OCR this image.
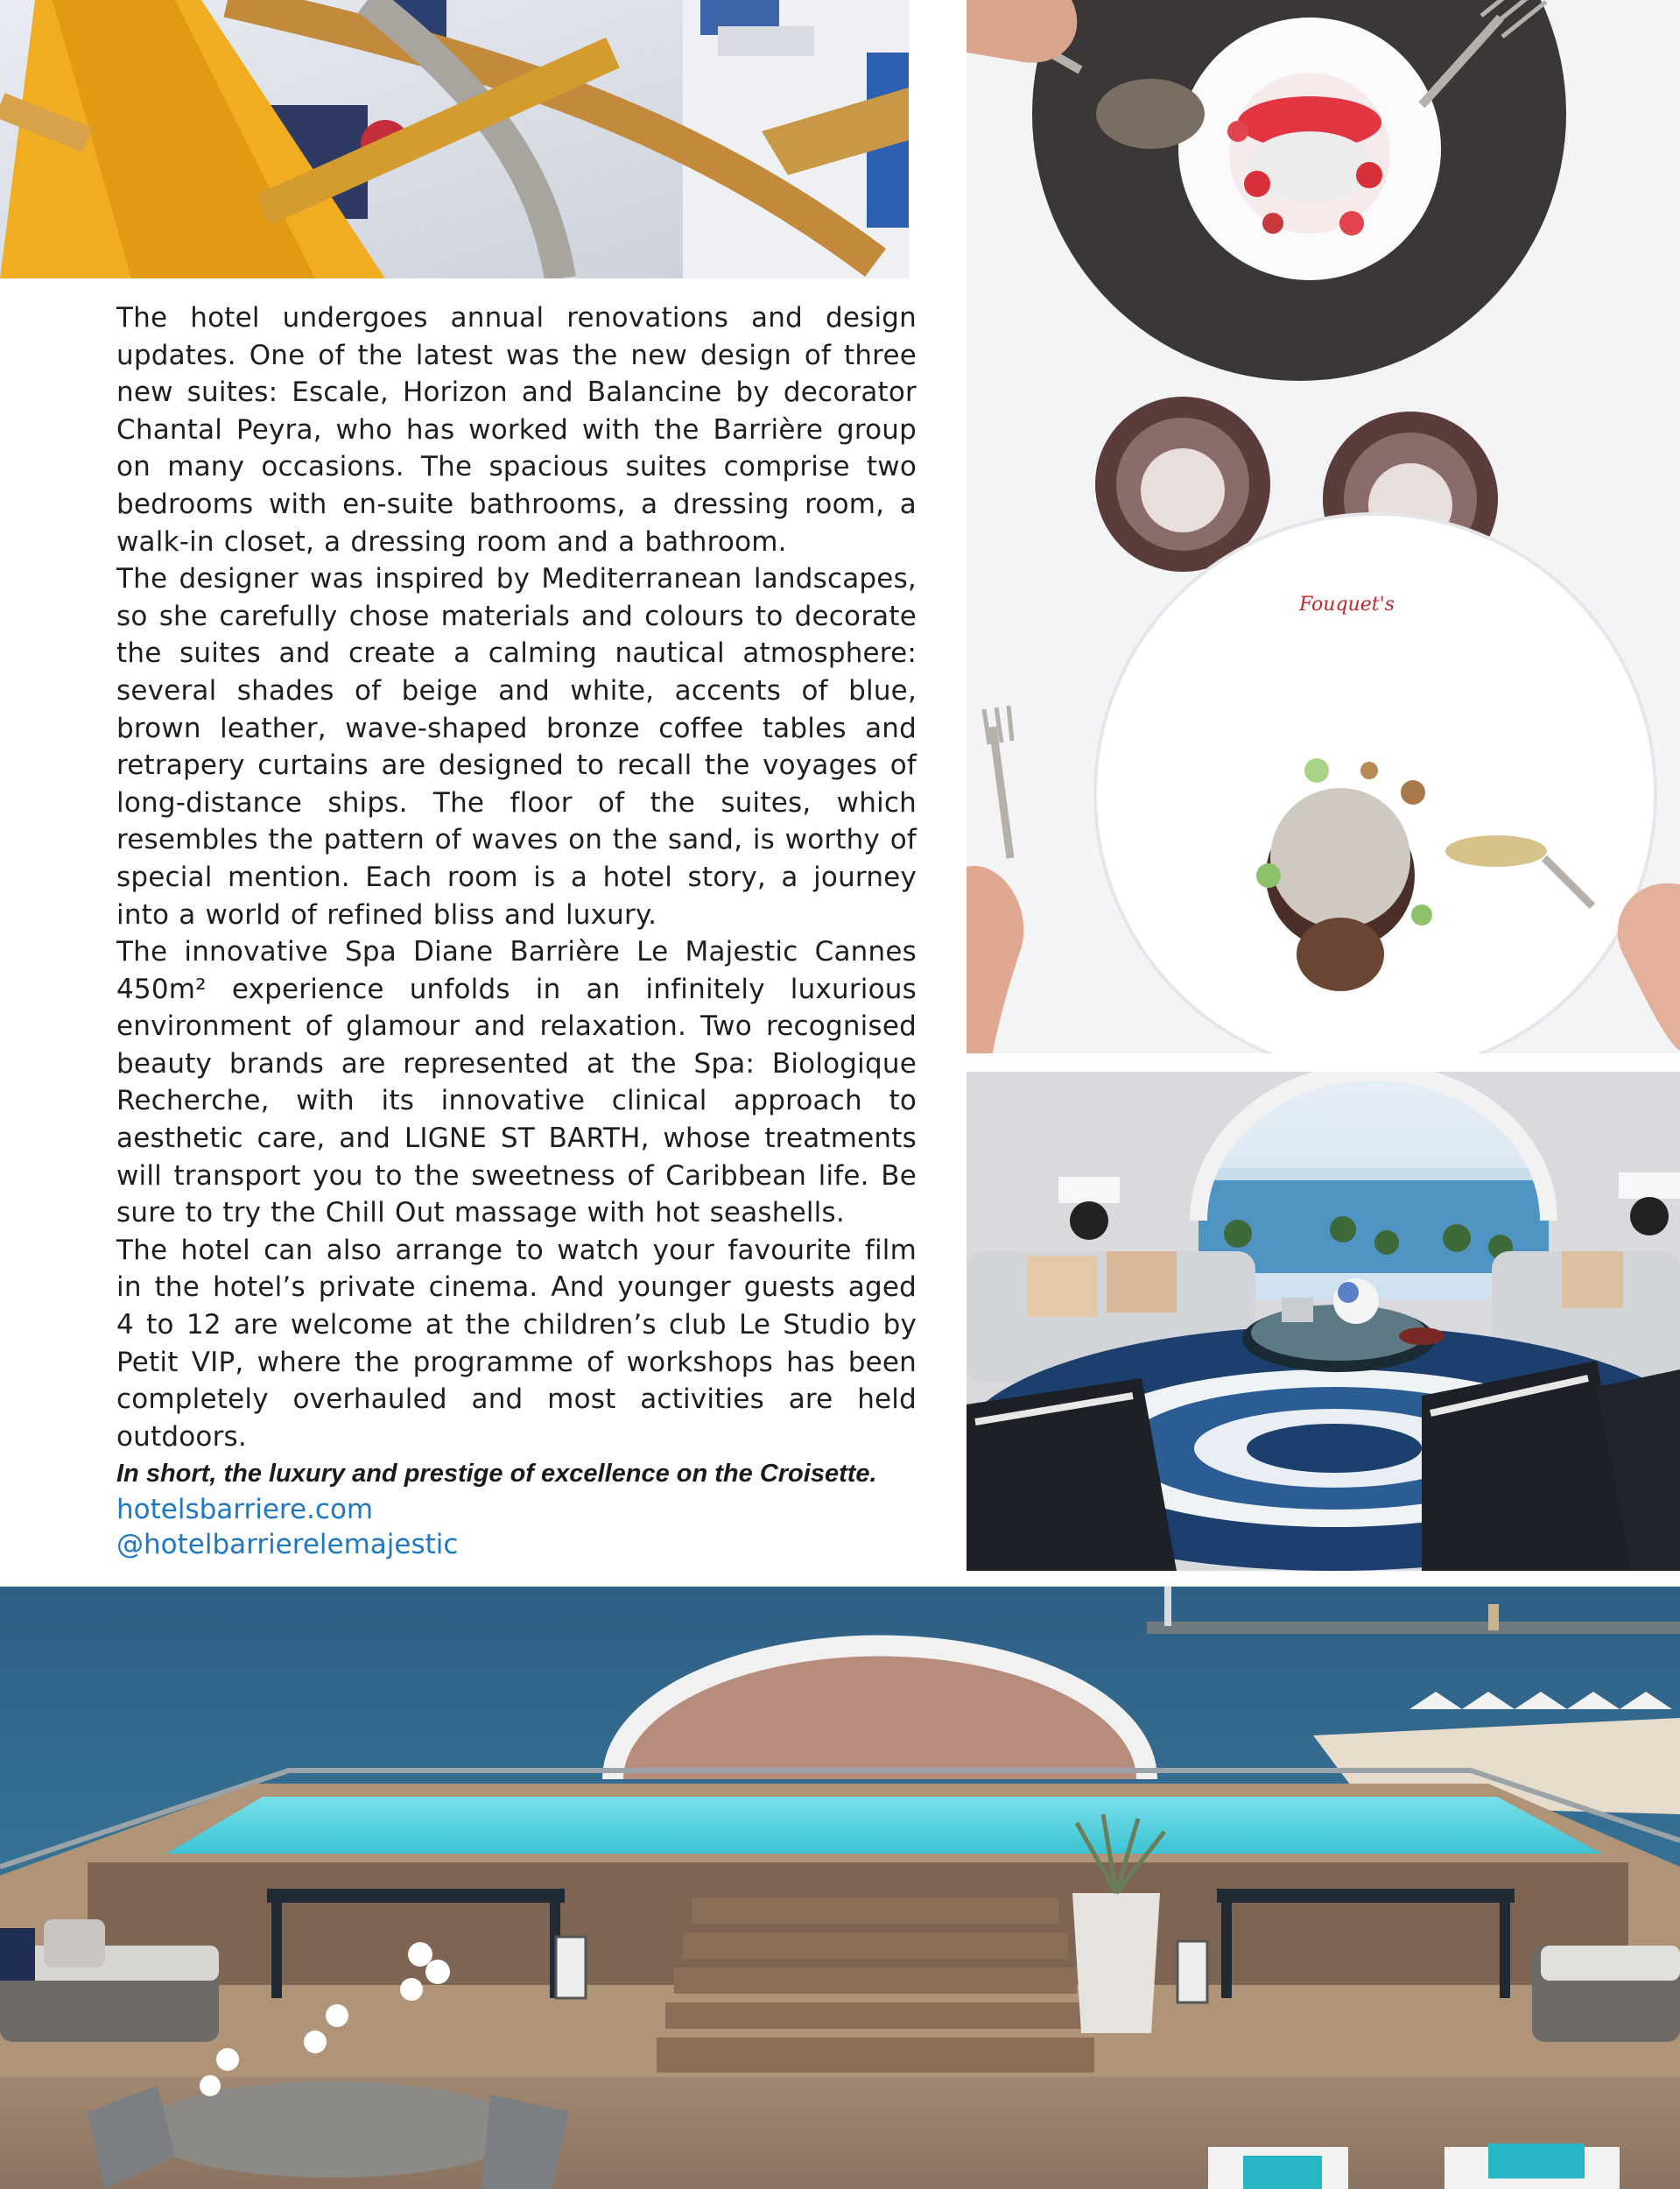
Fouquet's

The hotel undergoes annual renovations and design updates. One of the latest was the new design of three new suites: Escale, Horizon and Balancine by decorator Chantal Peyra, who has worked with the Barrière group on many occasions. The spacious suites comprise two bedrooms with en-suite bathrooms, a dressing room, a walk-in closet, a dressing room and a bathroom.

The designer was inspired by Mediterranean landscapes, so she carefully chose materials and colours to decorate the suites and create a calming nautical atmosphere: several shades of beige and white, accents of blue, brown leather, wave-shaped bronze coffee tables and retrapery curtains are designed to recall the voyages of long-distance ships. The floor of the suites, which resembles the pattern of waves on the sand, is worthy of special mention. Each room is a hotel story, a journey into a world of refined bliss and luxury.

The innovative Spa Diane Barrière Le Majestic Cannes 450m² experience unfolds in an infinitely luxurious environment of glamour and relaxation. Two recognised beauty brands are represented at the Spa: Biologique Recherche, with its innovative clinical approach to aesthetic care, and LIGNE ST BARTH, whose treatments will transport you to the sweetness of Caribbean life. Be sure to try the Chill Out massage with hot seashells.

The hotel can also arrange to watch your favourite film in the hotel’s private cinema. And younger guests aged 4 to 12 are welcome at the children’s club Le Studio by Petit VIP, where the programme of workshops has been completely overhauled and most activities are held outdoors.

In short, the luxury and prestige of excellence on the Croisette.

hotelsbarriere.com
@hotelbarrierelemajestic
